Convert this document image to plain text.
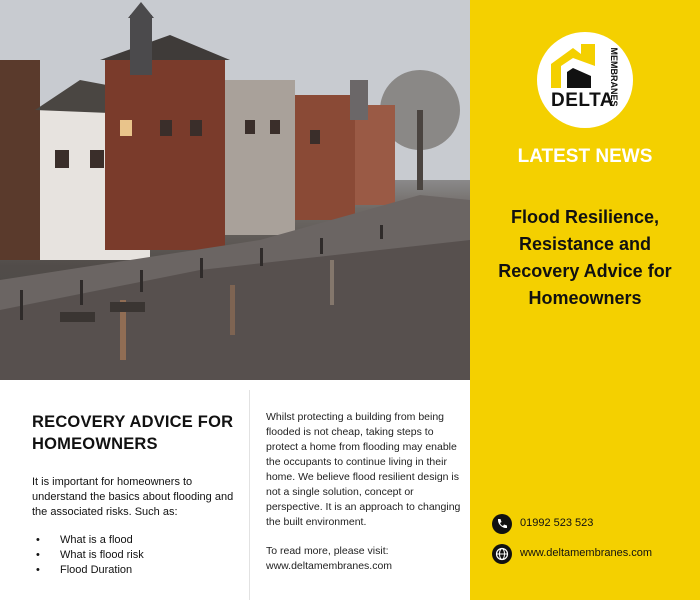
DELTA
MEMBRANES
LATEST NEWS
Flood Resilience, Resistance and Recovery Advice for Homeowners
01992 523 523
www.deltamembranes.com
RECOVERY ADVICE FOR HOMEOWNERS
It is important for homeowners to understand the basics about flooding and the associated risks. Such as:
• What is a flood
• What is flood risk
• Flood Duration
Whilst protecting a building from being flooded is not cheap, taking steps to protect a home from flooding may enable the occupants to continue living in their home. We believe flood resilient design is not a single solution, concept or perspective. It is an approach to changing the built environment.
To read more, please visit: www.deltamembranes.com
